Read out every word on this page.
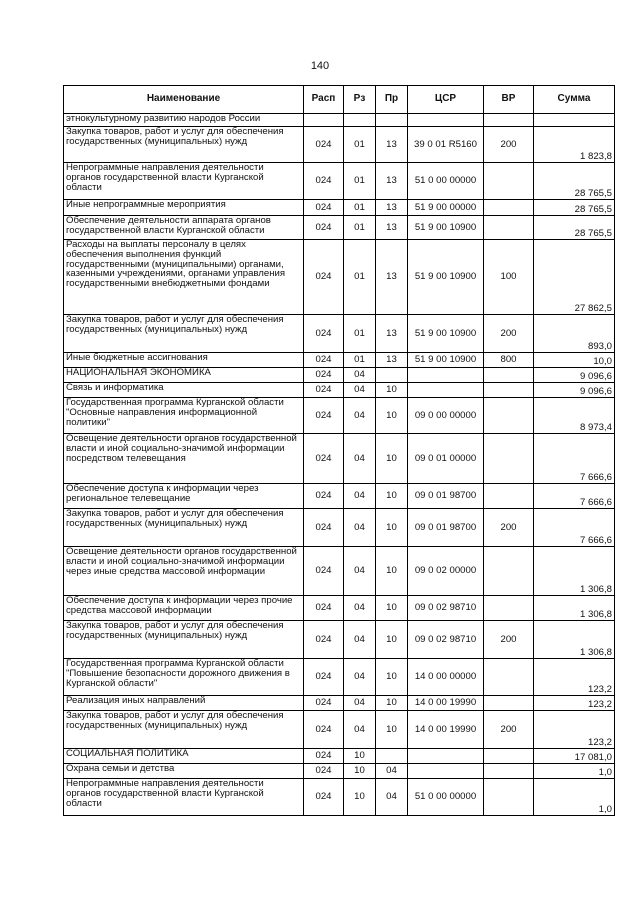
140
Наименование	Расп	Рз	Пр	ЦСР	ВР	Сумма
этнокультурному развитию народов России						
Закупка товаров, работ и услуг для обеспечения государственных (муниципальных) нужд	024	01	13	39 0 01 R5160	200	1 823,8
Непрограммные направления деятельности органов государственной власти Курганской области	024	01	13	51 0 00 00000		28 765,5
Иные непрограммные мероприятия	024	01	13	51 9 00 00000		28 765,5
Обеспечение деятельности аппарата органов государственной власти Курганской области	024	01	13	51 9 00 10900		28 765,5
Расходы на выплаты персоналу в целях обеспечения выполнения функций государственными (муниципальными) органами, казенными учреждениями, органами управления государственными внебюджетными фондами	024	01	13	51 9 00 10900	100	27 862,5
Закупка товаров, работ и услуг для обеспечения государственных (муниципальных) нужд	024	01	13	51 9 00 10900	200	893,0
Иные бюджетные ассигнования	024	01	13	51 9 00 10900	800	10,0
НАЦИОНАЛЬНАЯ ЭКОНОМИКА	024	04				9 096,6
Связь и информатика	024	04	10			9 096,6
Государственная программа Курганской области "Основные направления информационной политики"	024	04	10	09 0 00 00000		8 973,4
Освещение деятельности органов государственной власти и иной социально-значимой информации посредством телевещания	024	04	10	09 0 01 00000		7 666,6
Обеспечение доступа к информации через региональное телевещание	024	04	10	09 0 01 98700		7 666,6
Закупка товаров, работ и услуг для обеспечения государственных (муниципальных) нужд	024	04	10	09 0 01 98700	200	7 666,6
Освещение деятельности органов государственной власти и иной социально-значимой информации через иные средства массовой информации	024	04	10	09 0 02 00000		1 306,8
Обеспечение доступа к информации через прочие средства массовой информации	024	04	10	09 0 02 98710		1 306,8
Закупка товаров, работ и услуг для обеспечения государственных (муниципальных) нужд	024	04	10	09 0 02 98710	200	1 306,8
Государственная программа Курганской области "Повышение безопасности дорожного движения в Курганской области"	024	04	10	14 0 00 00000		123,2
Реализация иных направлений	024	04	10	14 0 00 19990		123,2
Закупка товаров, работ и услуг для обеспечения государственных (муниципальных) нужд	024	04	10	14 0 00 19990	200	123,2
СОЦИАЛЬНАЯ ПОЛИТИКА	024	10				17 081,0
Охрана семьи и детства	024	10	04			1,0
Непрограммные направления деятельности органов государственной власти Курганской области	024	10	04	51 0 00 00000		1,0
